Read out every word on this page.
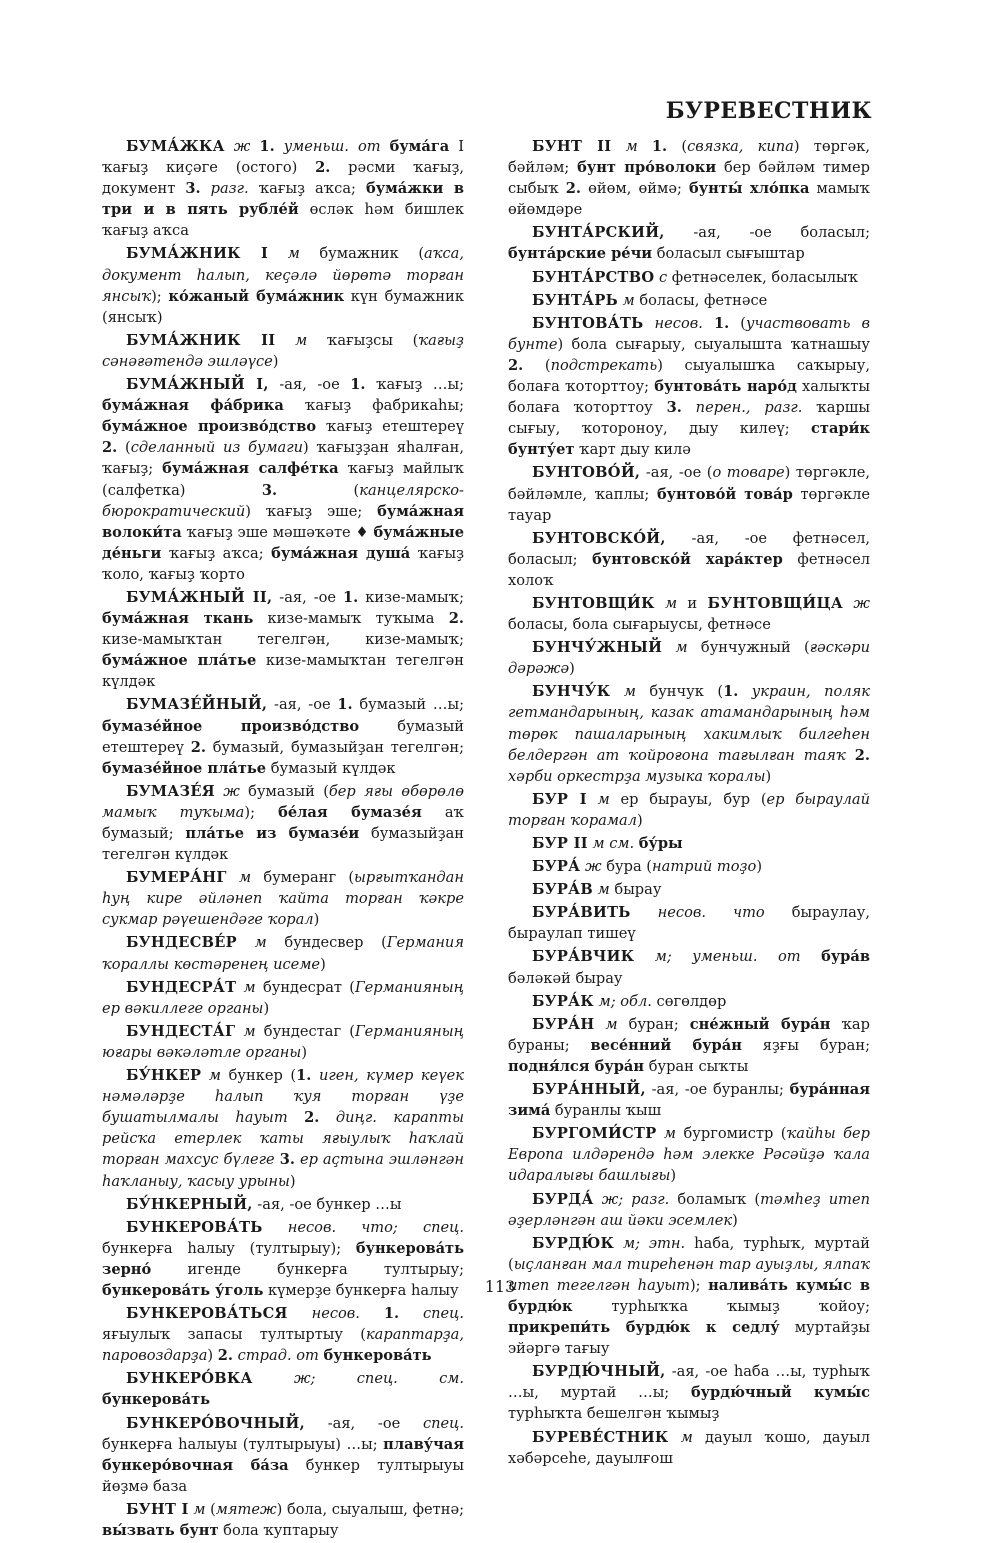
БУРЕВЕСТНИК

БУМА́ЖКА ж 1. уменьш. от бума́га I ҡағыҙ киҫәге (остого) 2. рәсми ҡағыҙ, документ 3. разг. ҡағыҙ аҡса; бума́жки в три и в пять рубле́й өсләк һәм бишлек ҡағыҙ аҡса

БУМА́ЖНИК I м бумажник (аҡса, документ һалып, кеҫәлә йөрөтә торған янсыҡ); ко́жаный бума́жник күн бумажник (янсыҡ)

БУМА́ЖНИК II м ҡағыҙсы (ҡағыҙ сәнәғәтендә эшләүсе)

БУМА́ЖНЫЙ I, -ая, -ое 1. ҡағыҙ …ы; бума́жная фа́брика ҡағыҙ фабрикаһы; бума́жное произво́дство ҡағыҙ етештереү 2. (сделанный из бумаги) ҡағыҙҙан яһалған, ҡағыҙ; бума́жная салфе́тка ҡағыҙ майлыҡ (салфетка) 3. (канцелярско-бюрократический) ҡағыҙ эше; бума́жная волоки́та ҡағыҙ эше мәшәҡәте ♦ бума́жные де́ньги ҡағыҙ аҡса; бума́жная душа́ ҡағыҙ ҡоло, ҡағыҙ ҡорто

БУМА́ЖНЫЙ II, -ая, -ое 1. кизе-мамыҡ; бума́жная ткань кизе-мамыҡ туҡыма 2. кизе-мамыҡтан тегелгән, кизе-мамыҡ; бума́жное пла́тье кизе-мамыҡтан тегелгән күлдәк

БУМАЗЕ́ЙНЫЙ, -ая, -ое 1. бумазый …ы; бумазе́йное произво́дство бумазый етештереү 2. бумазый, бумазыйҙан тегелгән; бумазе́йное пла́тье бумазый күлдәк

БУМАЗЕ́Я ж бумазый (бер яғы өбөрөлө мамыҡ туҡыма); бе́лая бумазе́я аҡ бумазый; пла́тье из бумазе́и бумазыйҙан тегелгән күлдәк

БУМЕРА́НГ м бумеранг (ырғытҡандан һуң кире әйләнеп ҡайта торған ҡәкре сукмар рәүешендәге ҡорал)

БУНДЕСВЕ́Р м бундесвер (Германия ҡораллы көстәренең исеме)

БУНДЕСРА́Т м бундесрат (Германияның ер вәкиллеге органы)

БУНДЕСТА́Г м бундестаг (Германияның юғары вәкәләтле органы)

БУ́НКЕР м бункер (1. иген, күмер кеүек нәмәләрҙе һалып ҡуя торған үҙе бушатылмалы һауыт 2. диңг. карапты рейсҡа етерлек ҡаты яғыулыҡ һаҡлай торған махсус бүлеге 3. ер аҫтына эшләнгән һаҡланыу, ҡасыу урыны)

БУ́НКЕРНЫЙ, -ая, -ое бункер …ы

БУНКЕРОВА́ТЬ несов. что; спец. бункерға һалыу (тултырыу); бункерова́ть зерно́ игенде бункерға тултырыу; бункерова́ть у́голь күмерҙе бункерға һалыу

БУНКЕРОВА́ТЬСЯ несов. 1. спец. яғыулыҡ запасы тултыртыу (караптарҙа, паровоздарҙа) 2. страд. от бункерова́ть

БУНКЕРО́ВКА ж; спец. см. бункерова́ть

БУНКЕРО́ВОЧНЫЙ, -ая, -ое спец. бункерға һалыуы (тултырыуы) …ы; плаву́чая бункеро́вочная ба́за бункер тултырыуы йөҙмә база

БУНТ I м (мятеж) бола, сыуалыш, фетнә; вы́звать бунт бола ҡуптарыу

БУНТ II м 1. (связка, кипа) төргәк, бәйләм; бунт про́волоки бер бәйләм тимер сыбыҡ 2. өйөм, өймә; бунты́ хло́пка мамыҡ өйөмдәре

БУНТА́РСКИЙ, -ая, -ое боласыл; бунта́рские ре́чи боласыл сығыштар

БУНТА́РСТВО с фетнәселек, боласылыҡ

БУНТА́РЬ м боласы, фетнәсе

БУНТОВА́ТЬ несов. 1. (участвовать в бунте) бола сығарыу, сыуалышта ҡатнашыу 2. (подстрекать) сыуалышҡа саҡырыу, болаға ҡоторттоу; бунтова́ть наро́д халыҡты болаға ҡоторттоу 3. перен., разг. ҡаршы сығыу, ҡоторонoу, дыу килеү; стари́к бунту́ет ҡарт дыу килә

БУНТОВО́Й, -ая, -ое (о товаре) төргәкле, бәйләмле, ҡаплы; бунтово́й това́р төргәкле тауар

БУНТОВСКО́Й, -ая, -ое фетнәсел, боласыл; бунтовско́й хара́ктер фетнәсел холоҡ

БУНТОВЩИ́К м и БУНТОВЩИ́ЦА ж боласы, бола сығарыусы, фетнәсе

БУНЧУ́ЖНЫЙ м бунчужный (ғәскәри дәрәжә)

БУНЧУ́К м бунчук (1. украин, поляк гетмандарының, казак атамандарының һәм төрөк пашаларының хакимлыҡ билгеһен белдергән ат ҡойроғона тағылған таяҡ 2. хәрби оркестрҙа музыка ҡоралы)

БУР I м ер бырауы, бур (ер быраулай торған ҡорамал)

БУР II м см. бу́ры

БУРА́ ж бура (натрий тоҙо)

БУРА́В м бырау

БУРА́ВИТЬ несов. что быраулау, быраулап тишеү

БУРА́ВЧИК м; уменьш. от бура́в бәләкәй бырау

БУРА́К м; обл. сөгөлдөр

БУРА́Н м буран; сне́жный бура́н ҡар бураны; весе́нний бура́н яҙғы буран; подня́лся бура́н буран сыҡты

БУРА́ННЫЙ, -ая, -ое буранлы; бура́нная зима́ буранлы ҡыш

БУРГОМИ́СТР м бургомистр (ҡайһы бер Европа илдәрендә һәм элекке Рәсәйҙә ҡала идаралығы башлығы)

БУРДА́ ж; разг. боламыҡ (тәмһеҙ итеп әҙерләнгән аш йәки эсемлек)

БУРДЮ́К м; этн. һаба, турһыҡ, муртай (ыҫланған мал тиреһенән тар ауыҙлы, ялпаҡ итеп тегелгән һауыт); налива́ть кумы́с в бурдю́к турһыҡҡа ҡымыҙ ҡойоу; прикрепи́ть бурдю́к к седлу́ муртайҙы эйәргә тағыу

БУРДЮ́ЧНЫЙ, -ая, -ое һаба …ы, турһыҡ …ы, муртай …ы; бурдю́чный кумы́с турһыҡта бешелгән ҡымыҙ

БУРЕВЕ́СТНИК м дауыл ҡошо, дауыл хәбәрсеһе, дауылғош

113
